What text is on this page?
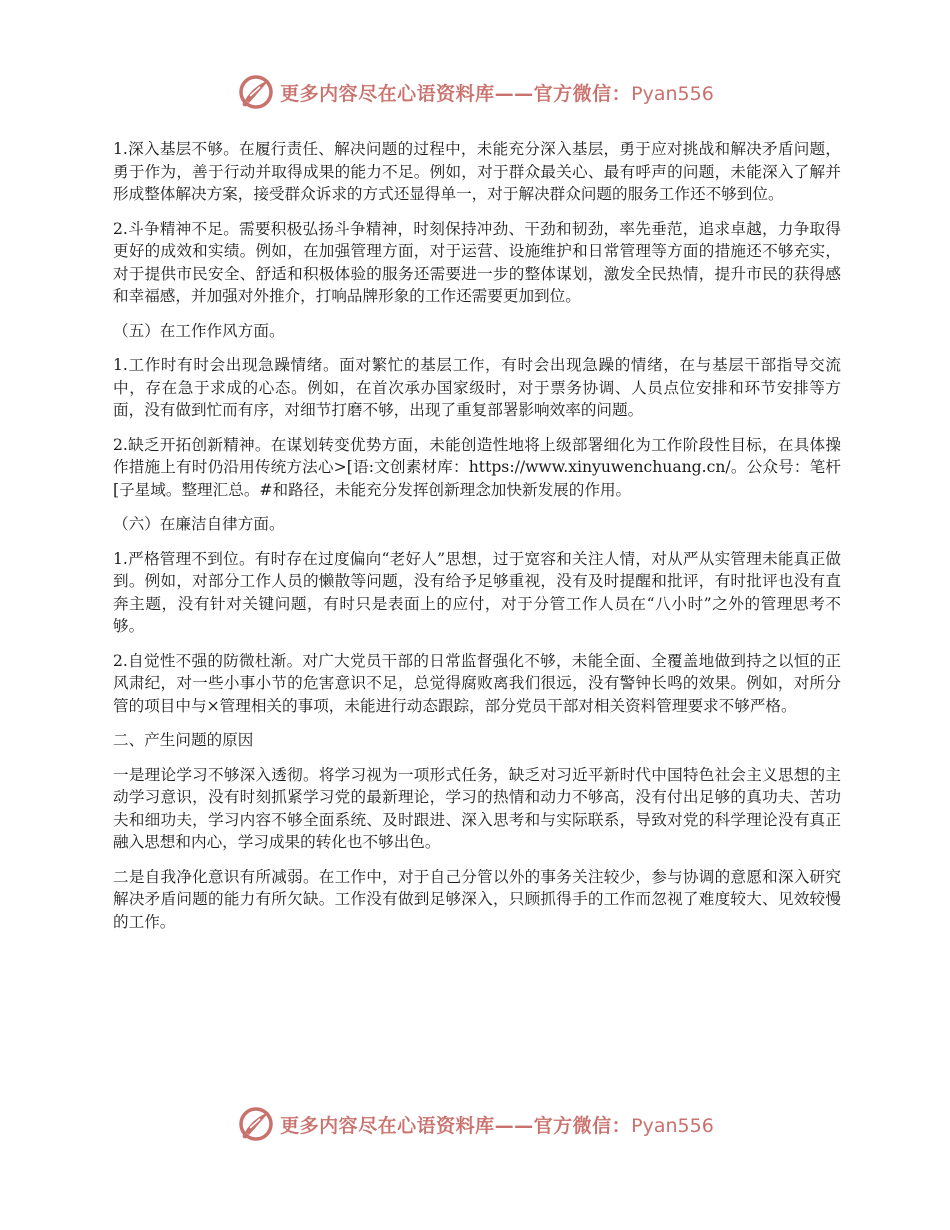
更多内容尽在心语资料库——官方微信：Pyan556

1.深入基层不够。在履行责任、解决问题的过程中，未能充分深入基层，勇于应对挑战和解决矛盾问题，勇于作为，善于行动并取得成果的能力不足。例如，对于群众最关心、最有呼声的问题，未能深入了解并形成整体解决方案，接受群众诉求的方式还显得单一，对于解决群众问题的服务工作还不够到位。

2.斗争精神不足。需要积极弘扬斗争精神，时刻保持冲劲、干劲和韧劲，率先垂范，追求卓越，力争取得更好的成效和实绩。例如，在加强管理方面，对于运营、设施维护和日常管理等方面的措施还不够充实，对于提供市民安全、舒适和积极体验的服务还需要进一步的整体谋划，激发全民热情，提升市民的获得感和幸福感，并加强对外推介，打响品牌形象的工作还需要更加到位。

（五）在工作作风方面。

1.工作时有时会出现急躁情绪。面对繁忙的基层工作，有时会出现急躁的情绪，在与基层干部指导交流中，存在急于求成的心态。例如，在首次承办国家级时，对于票务协调、人员点位安排和环节安排等方面，没有做到忙而有序，对细节打磨不够，出现了重复部署影响效率的问题。

2.缺乏开拓创新精神。在谋划转变优势方面，未能创造性地将上级部署细化为工作阶段性目标，在具体操作措施上有时仍沿用传统方法心>[语:文创素材库：https://www.xinyuwenchuang.cn/。公众号：笔杆[子星域。整理汇总。#和路径，未能充分发挥创新理念加快新发展的作用。

（六）在廉洁自律方面。

1.严格管理不到位。有时存在过度偏向“老好人”思想，过于宽容和关注人情，对从严从实管理未能真正做到。例如，对部分工作人员的懒散等问题，没有给予足够重视，没有及时提醒和批评，有时批评也没有直奔主题，没有针对关键问题，有时只是表面上的应付，对于分管工作人员在“八小时”之外的管理思考不够。

2.自觉性不强的防微杜渐。对广大党员干部的日常监督强化不够，未能全面、全覆盖地做到持之以恒的正风肃纪，对一些小事小节的危害意识不足，总觉得腐败离我们很远，没有警钟长鸣的效果。例如，对所分管的项目中与×管理相关的事项，未能进行动态跟踪，部分党员干部对相关资料管理要求不够严格。

二、产生问题的原因

一是理论学习不够深入透彻。将学习视为一项形式任务，缺乏对习近平新时代中国特色社会主义思想的主动学习意识，没有时刻抓紧学习党的最新理论，学习的热情和动力不够高，没有付出足够的真功夫、苦功夫和细功夫，学习内容不够全面系统、及时跟进、深入思考和与实际联系，导致对党的科学理论没有真正融入思想和内心，学习成果的转化也不够出色。

二是自我净化意识有所减弱。在工作中，对于自己分管以外的事务关注较少，参与协调的意愿和深入研究解决矛盾问题的能力有所欠缺。工作没有做到足够深入，只顾抓得手的工作而忽视了难度较大、见效较慢的工作。

更多内容尽在心语资料库——官方微信：Pyan556
